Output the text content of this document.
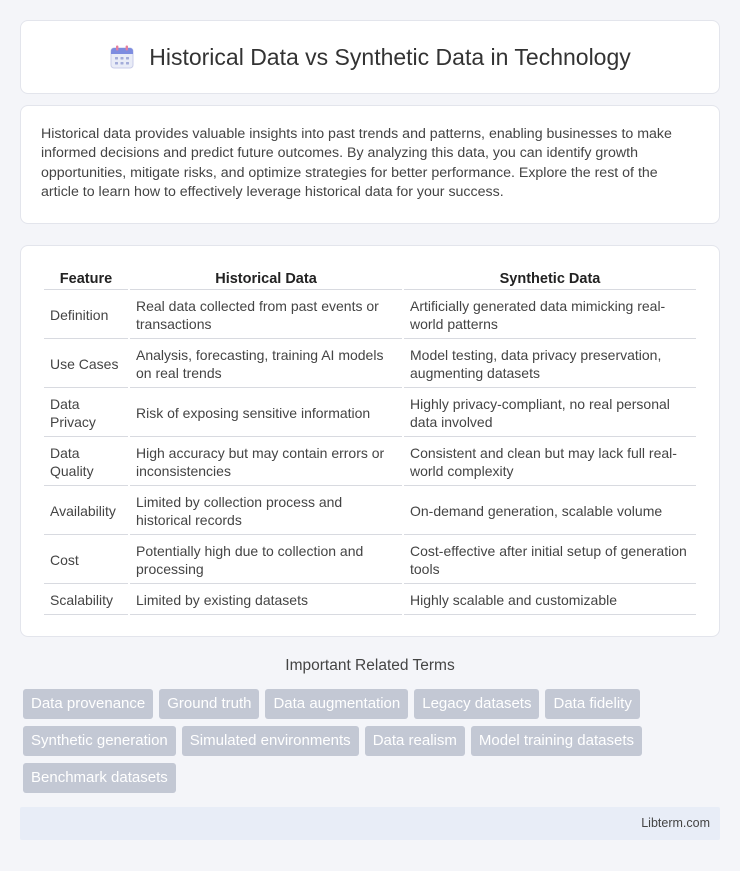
Historical Data vs Synthetic Data in Technology

Historical data provides valuable insights into past trends and patterns, enabling businesses to make informed decisions and predict future outcomes. By analyzing this data, you can identify growth opportunities, mitigate risks, and optimize strategies for better performance. Explore the rest of the article to learn how to effectively leverage historical data for your success.

Feature	Historical Data	Synthetic Data
Definition	Real data collected from past events or transactions	Artificially generated data mimicking real-world patterns
Use Cases	Analysis, forecasting, training AI models on real trends	Model testing, data privacy preservation, augmenting datasets
Data Privacy	Risk of exposing sensitive information	Highly privacy-compliant, no real personal data involved
Data Quality	High accuracy but may contain errors or inconsistencies	Consistent and clean but may lack full real-world complexity
Availability	Limited by collection process and historical records	On-demand generation, scalable volume
Cost	Potentially high due to collection and processing	Cost-effective after initial setup of generation tools
Scalability	Limited by existing datasets	Highly scalable and customizable
Important Related Terms
Data provenance	Ground truth	Data augmentation	Legacy datasets	Data fidelity
Synthetic generation	Simulated environments	Data realism	Model training datasets
Benchmark datasets
Libterm.com
